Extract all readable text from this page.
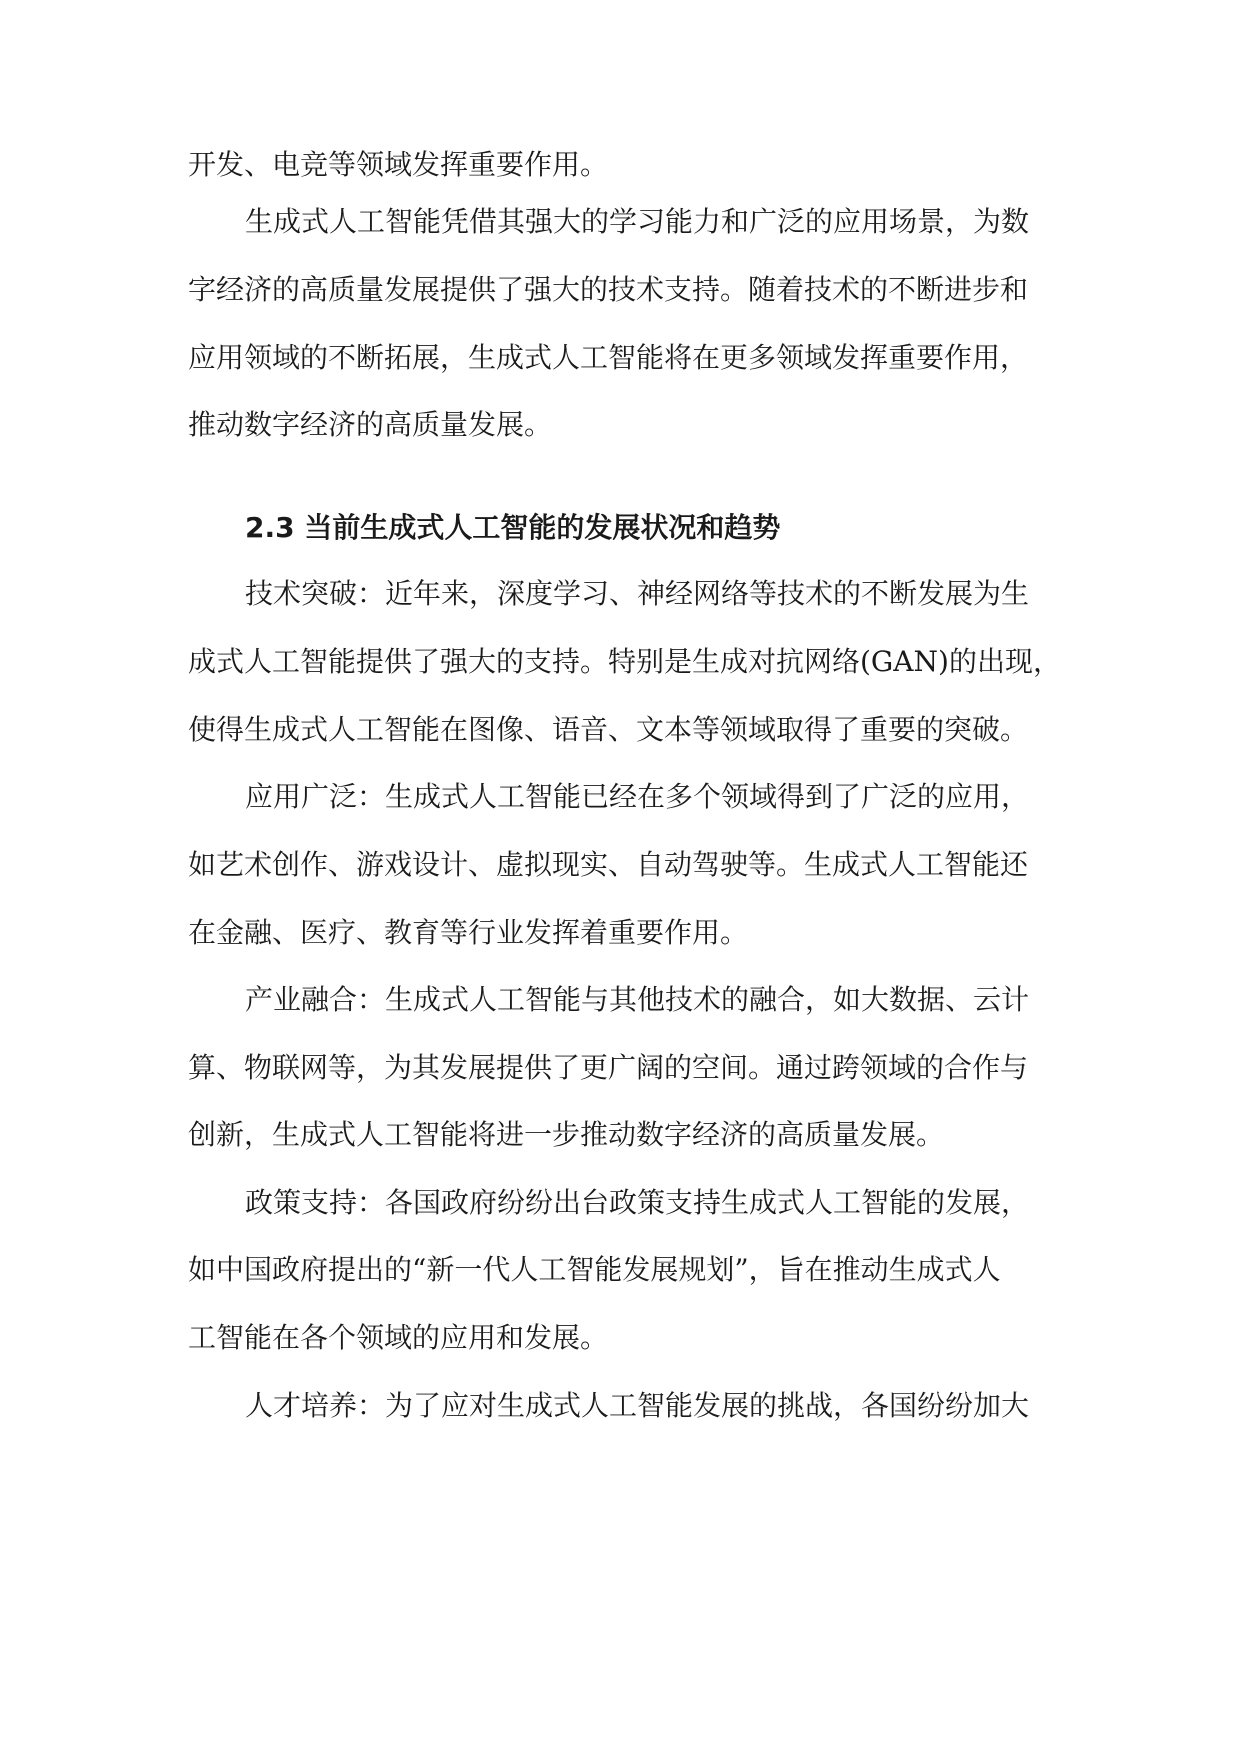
开发、电竞等领域发挥重要作用。
生成式人工智能凭借其强大的学习能力和广泛的应用场景，为数
字经济的高质量发展提供了强大的技术支持。随着技术的不断进步和
应用领域的不断拓展，生成式人工智能将在更多领域发挥重要作用，
推动数字经济的高质量发展。
2.3 当前生成式人工智能的发展状况和趋势
技术突破：近年来，深度学习、神经网络等技术的不断发展为生
成式人工智能提供了强大的支持。特别是生成对抗网络(GAN)的出现，
使得生成式人工智能在图像、语音、文本等领域取得了重要的突破。
应用广泛：生成式人工智能已经在多个领域得到了广泛的应用，
如艺术创作、游戏设计、虚拟现实、自动驾驶等。生成式人工智能还
在金融、医疗、教育等行业发挥着重要作用。
产业融合：生成式人工智能与其他技术的融合，如大数据、云计
算、物联网等，为其发展提供了更广阔的空间。通过跨领域的合作与
创新，生成式人工智能将进一步推动数字经济的高质量发展。
政策支持：各国政府纷纷出台政策支持生成式人工智能的发展，
如中国政府提出的“新一代人工智能发展规划”，旨在推动生成式人
工智能在各个领域的应用和发展。
人才培养：为了应对生成式人工智能发展的挑战，各国纷纷加大
